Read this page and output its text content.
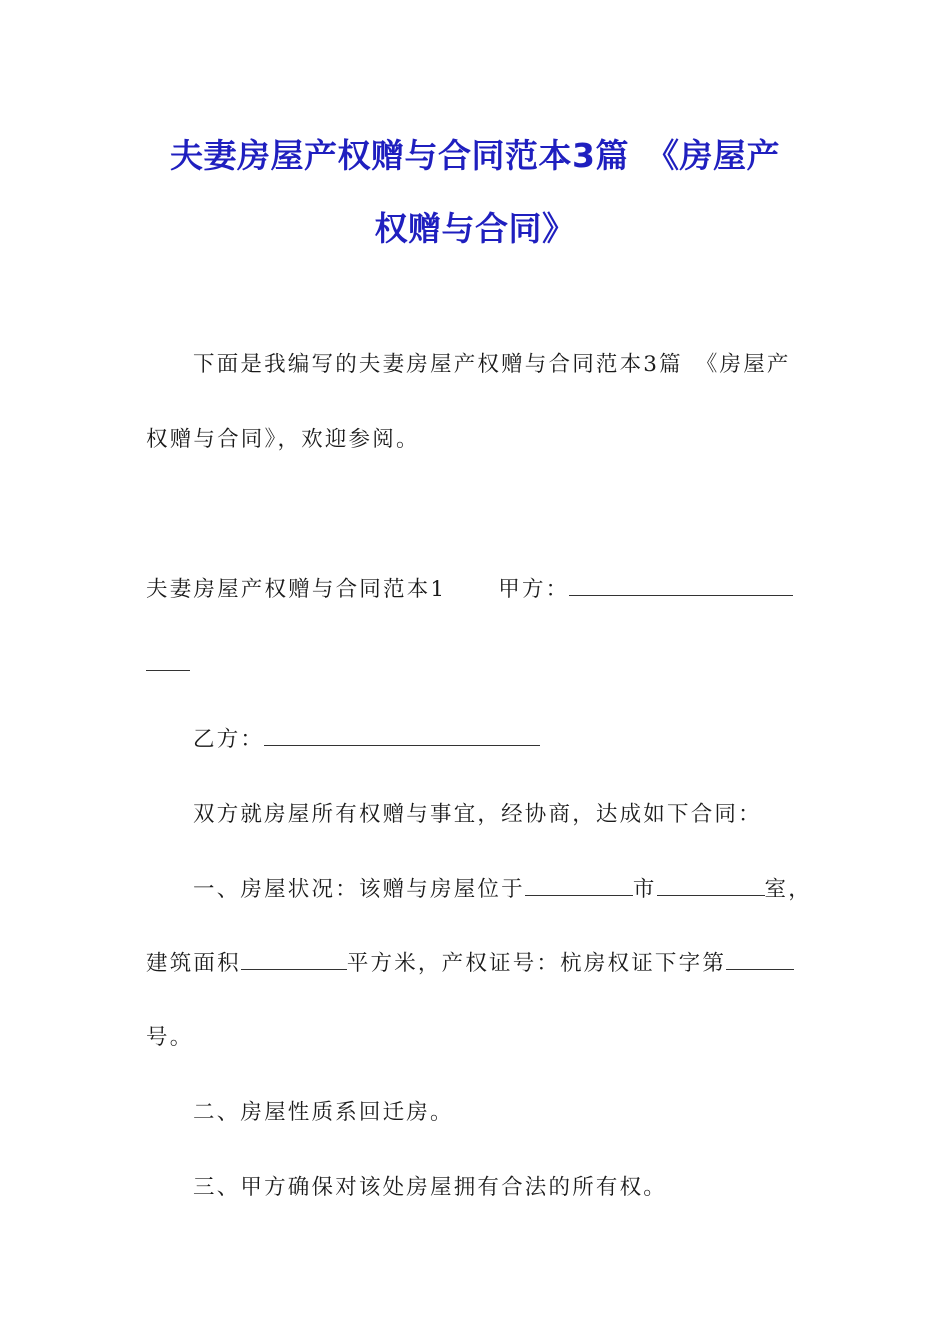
夫妻房屋产权赠与合同范本3篇　《房屋产
权赠与合同》

下面是我编写的夫妻房屋产权赠与合同范本3篇　《房屋产

权赠与合同》，欢迎参阅。

夫妻房屋产权赠与合同范本1 甲方：

乙方：

双方就房屋所有权赠与事宜，经协商，达成如下合同：

一、房屋状况：该赠与房屋位于	市	室，

建筑面积	平方米，产权证号：杭房权证下字第

号。

二、房屋性质系回迁房。

三、甲方确保对该处房屋拥有合法的所有权。
